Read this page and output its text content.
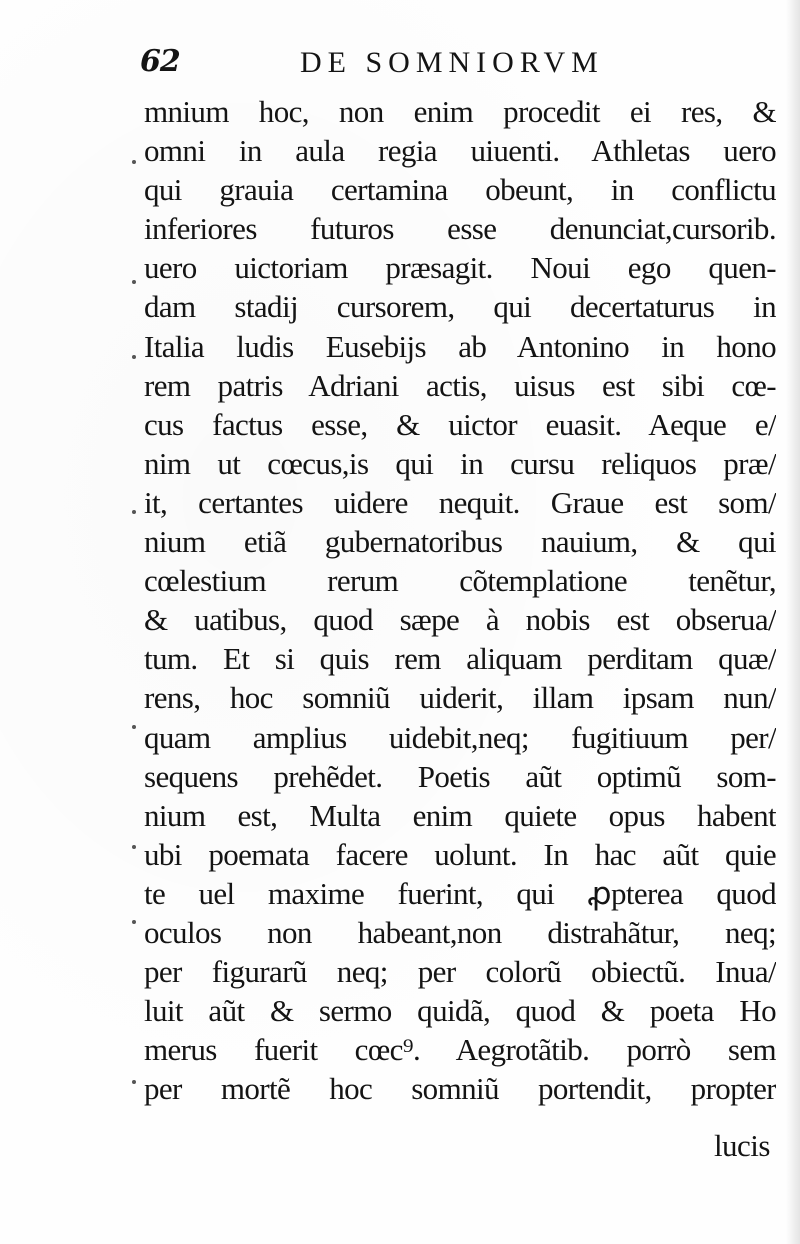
62	DE SOMNIORVM
mnium hoc, non enim procedit ei res, &
omni in aula regia uiuenti. Athletas uero
qui grauia certamina obeunt, in conflictu
inferiores futuros esse denunciat,cursorib.
uero uictoriam præsagit. Noui ego quen-
dam stadij cursorem, qui decertaturus in
Italia ludis Eusebijs ab Antonino in hono
rem patris Adriani actis, uisus est sibi cœ-
cus factus esse, & uictor euasit. Aeque e/
nim ut cœcus,is qui in cursu reliquos præ/
it, certantes uidere nequit. Graue est som/
nium etiã gubernatoribus nauium, & qui
cœlestium rerum cõtemplatione tenẽtur,
& uatibus, quod sæpe à nobis est obserua/
tum. Et si quis rem aliquam perditam quæ/
rens, hoc somniũ uiderit, illam ipsam nun/
quam amplius uidebit,neq; fugitiuum per/
sequens prehẽdet. Poetis aũt optimũ som-
nium est, Multa enim quiete opus habent
ubi poemata facere uolunt. In hac aũt quie
te uel maxime fuerint, qui ꝓpterea quod
oculos non habeant,non distrahãtur, neq;
per figurarũ neq; per colorũ obiectũ. Inua/
luit aũt & sermo quidã, quod & poeta Ho
merus fuerit cœc⁹. Aegrotãtib. porrò sem
per mortẽ hoc somniũ portendit, propter
lucis
